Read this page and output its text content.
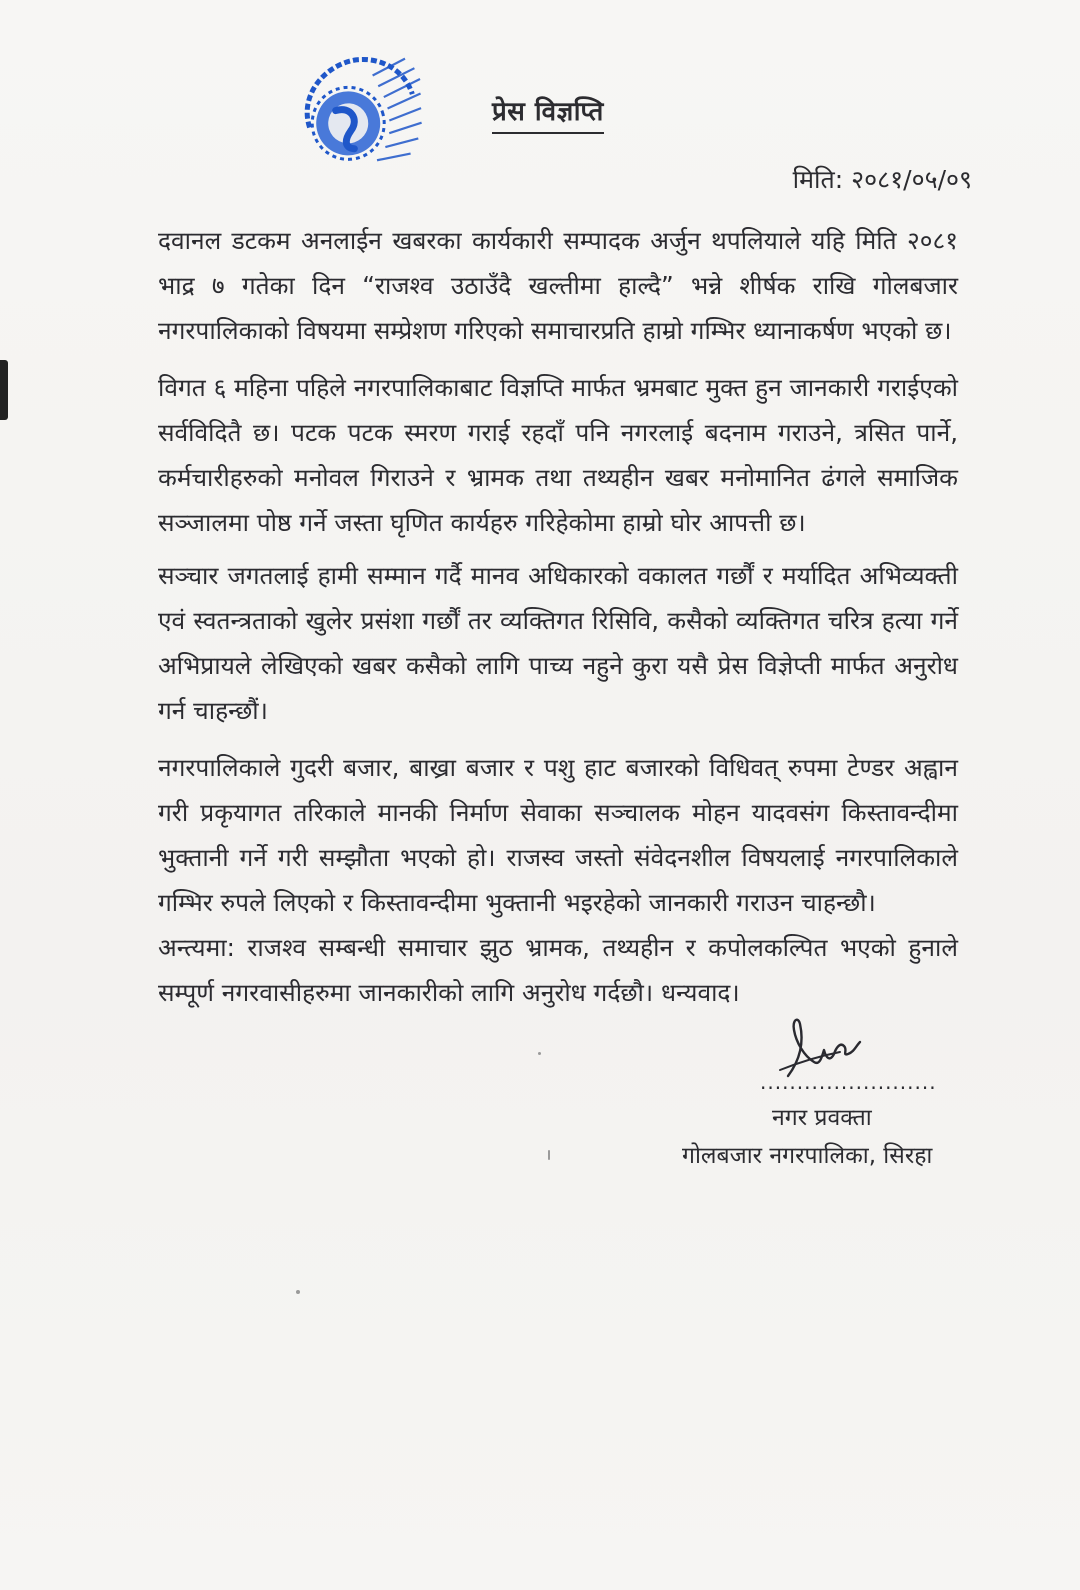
प्रेस विज्ञप्ति
मिति: २०८१/०५/०९

दवानल डटकम अनलाईन खबरका कार्यकारी सम्पादक अर्जुन थपलियाले यहि मिति २०८१ भाद्र ७ गतेका दिन “राजश्व उठाउँदै खल्तीमा हाल्दै” भन्ने शीर्षक राखि गोलबजार नगरपालिकाको विषयमा सम्प्रेशण गरिएको समाचारप्रति हाम्रो गम्भिर ध्यानाकर्षण भएको छ।

विगत ६ महिना पहिले नगरपालिकाबाट विज्ञप्ति मार्फत भ्रमबाट मुक्त हुन जानकारी गराईएको सर्वविदितै छ। पटक पटक स्मरण गराई रहदाँ पनि नगरलाई बदनाम गराउने, त्रसित पार्ने, कर्मचारीहरुको मनोवल गिराउने र भ्रामक तथा तथ्यहीन खबर मनोमानित ढंगले समाजिक सञ्जालमा पोष्ठ गर्ने जस्ता घृणित कार्यहरु गरिहेकोमा हाम्रो घोर आपत्ती छ।

सञ्चार जगतलाई हामी सम्मान गर्दै मानव अधिकारको वकालत गर्छौं र मर्यादित अभिव्यक्ती एवं स्वतन्त्रताको खुलेर प्रसंशा गर्छौं तर व्यक्तिगत रिसिवि, कसैको व्यक्तिगत चरित्र हत्या गर्ने अभिप्रायले लेखिएको खबर कसैको लागि पाच्य नहुने कुरा यसै प्रेस विज्ञेप्ती मार्फत अनुरोध गर्न चाहन्छौं।

नगरपालिकाले गुदरी बजार, बाख्रा बजार र पशु हाट बजारको विधिवत् रुपमा टेण्डर अह्वान गरी प्रकृयागत तरिकाले मानकी निर्माण सेवाका सञ्चालक मोहन यादवसंग किस्तावन्दीमा भुक्तानी गर्ने गरी सम्झौता भएको हो। राजस्व जस्तो संवेदनशील विषयलाई नगरपालिकाले गम्भिर रुपले लिएको र किस्तावन्दीमा भुक्तानी भइरहेको जानकारी गराउन चाहन्छौ।

अन्त्यमा: राजश्व सम्बन्धी समाचार झुठ भ्रामक, तथ्यहीन र कपोलकल्पित भएको हुनाले सम्पूर्ण नगरवासीहरुमा जानकारीको लागि अनुरोध गर्दछौ। धन्यवाद।

........................
नगर प्रवक्ता
गोलबजार नगरपालिका, सिरहा
